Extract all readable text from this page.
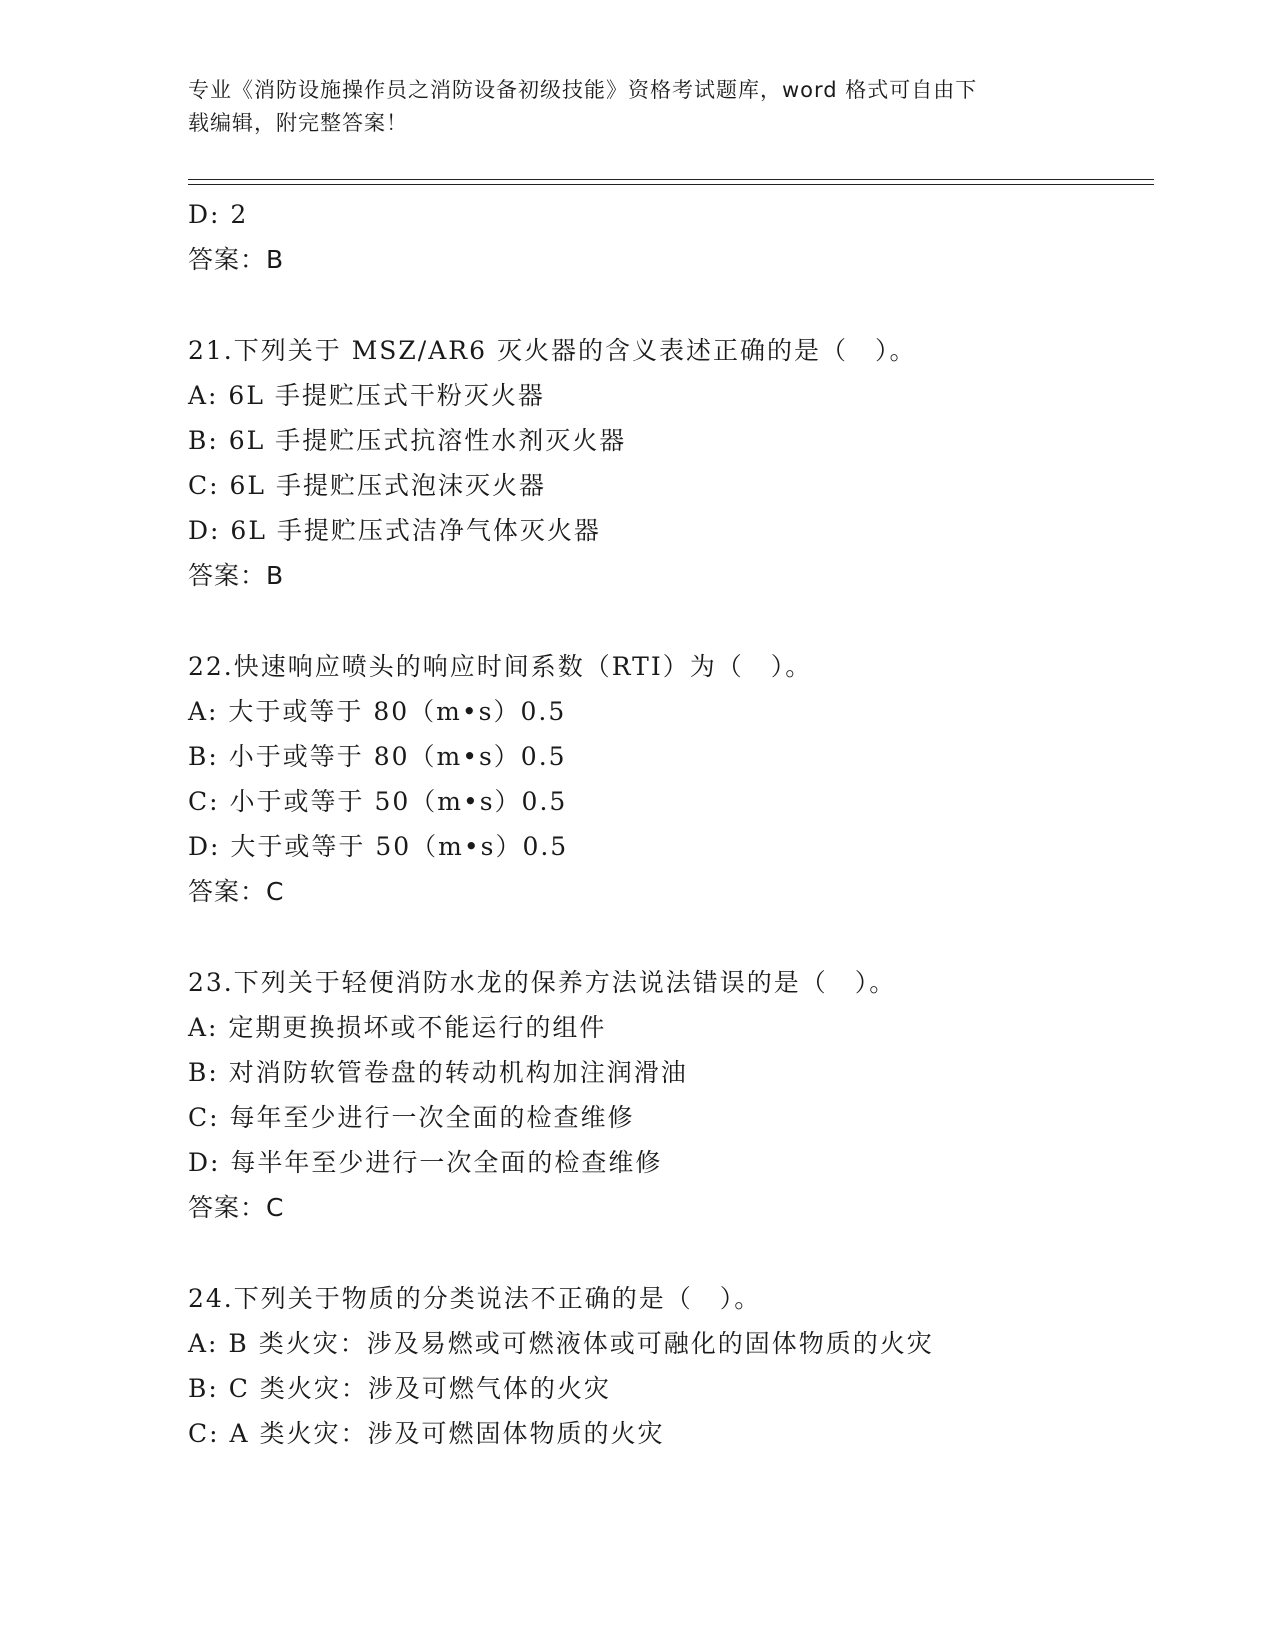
专业《消防设施操作员之消防设备初级技能》资格考试题库，word 格式可自由下
载编辑，附完整答案！
D: 2
答案：B
21.下列关于 MSZ/AR6 灭火器的含义表述正确的是（　）。
A: 6L 手提贮压式干粉灭火器
B: 6L 手提贮压式抗溶性水剂灭火器
C: 6L 手提贮压式泡沫灭火器
D: 6L 手提贮压式洁净气体灭火器
答案：B
22.快速响应喷头的响应时间系数（RTI）为（　）。
A: 大于或等于 80（m•s）0.5
B: 小于或等于 80（m•s）0.5
C: 小于或等于 50（m•s）0.5
D: 大于或等于 50（m•s）0.5
答案：C
23.下列关于轻便消防水龙的保养方法说法错误的是（　）。
A: 定期更换损坏或不能运行的组件
B: 对消防软管卷盘的转动机构加注润滑油
C: 每年至少进行一次全面的检查维修
D: 每半年至少进行一次全面的检查维修
答案：C
24.下列关于物质的分类说法不正确的是（　）。
A: B 类火灾：涉及易燃或可燃液体或可融化的固体物质的火灾
B: C 类火灾：涉及可燃气体的火灾
C: A 类火灾：涉及可燃固体物质的火灾
